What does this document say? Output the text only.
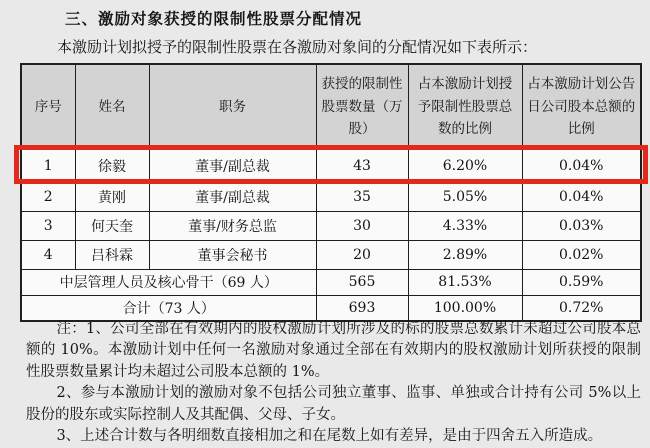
三、激励对象获授的限制性股票分配情况
本激励计划拟授予的限制性股票在各激励对象间的分配情况如下表所示：
序号	姓名	职务	获授的限制性股票数量（万股）	占本激励计划授予限制性股票总数的比例	占本激励计划公告日公司股本总额的比例
1	徐毅	董事/副总裁	43	6.20%	0.04%
2	黄刚	董事/副总裁	35	5.05%	0.04%
3	何天奎	董事/财务总监	30	4.33%	0.03%
4	吕科霖	董事会秘书	20	2.89%	0.02%
中层管理人员及核心骨干（69 人）			565	81.53%	0.59%
合计（73 人）			693	100.00%	0.72%

注：1、公司全部在有效期内的股权激励计划所涉及的标的股票总数累计未超过公司股本总额的 10%。本激励计划中任何一名激励对象通过全部在有效期内的股权激励计划所获授的限制性股票数量累计均未超过公司股本总额的 1%。

2、参与本激励计划的激励对象不包括公司独立董事、监事、单独或合计持有公司 5%以上股份的股东或实际控制人及其配偶、父母、子女。

3、上述合计数与各明细数直接相加之和在尾数上如有差异，是由于四舍五入所造成。
